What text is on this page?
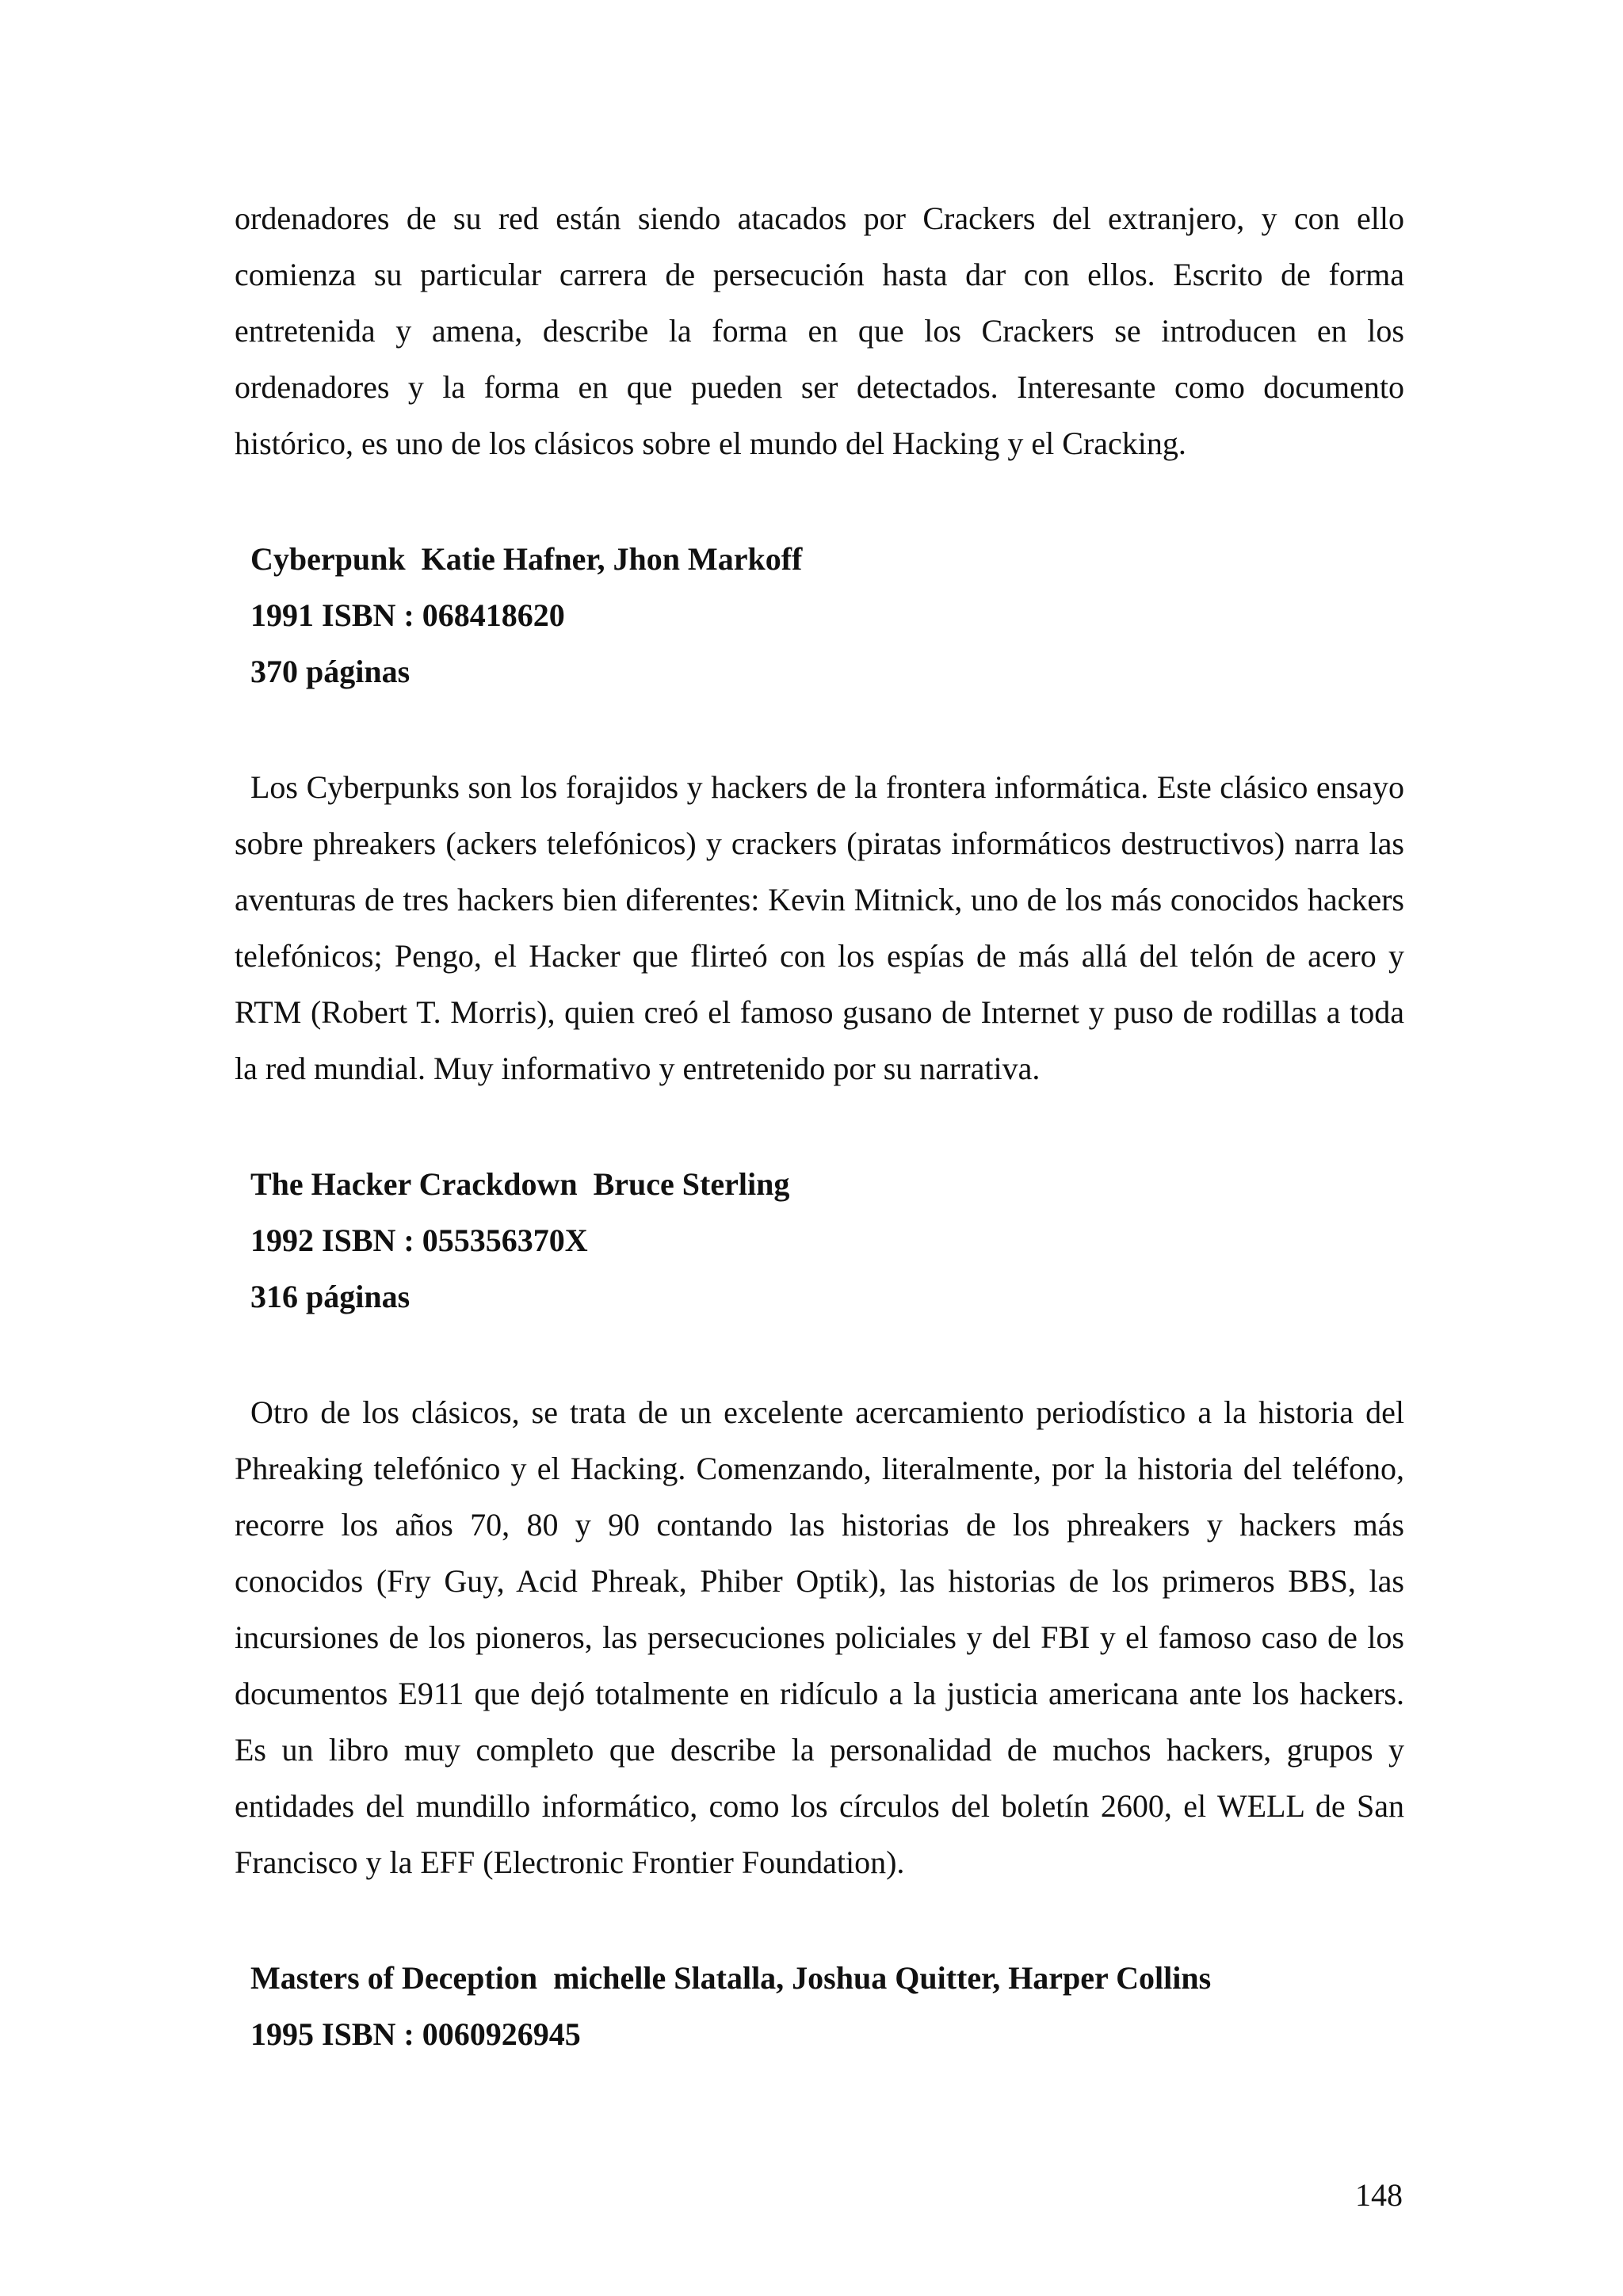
ordenadores de su red están siendo atacados por Crackers del extranjero, y con ello comienza su particular carrera de persecución hasta dar con ellos. Escrito de forma entretenida y amena, describe la forma en que los Crackers se introducen en los ordenadores y la forma en que pueden ser detectados. Interesante como documento histórico, es uno de los clásicos sobre el mundo del Hacking y el Cracking.

Cyberpunk  Katie Hafner, Jhon Markoff

1991 ISBN : 068418620

370 páginas

Los Cyberpunks son los forajidos y hackers de la frontera informática. Este clásico ensayo sobre phreakers (ackers telefónicos) y crackers (piratas informáticos destructivos) narra las aventuras de tres hackers bien diferentes: Kevin Mitnick, uno de los más conocidos hackers telefónicos; Pengo, el Hacker que flirteó con los espías de más allá del telón de acero y RTM (Robert T. Morris), quien creó el famoso gusano de Internet y puso de rodillas a toda la red mundial. Muy informativo y entretenido por su narrativa.

The Hacker Crackdown  Bruce Sterling

1992 ISBN : 055356370X

316 páginas

Otro de los clásicos, se trata de un excelente acercamiento periodístico a la historia del Phreaking telefónico y el Hacking. Comenzando, literalmente, por la historia del teléfono, recorre los años 70, 80 y 90 contando las historias de los phreakers y hackers más conocidos (Fry Guy, Acid Phreak, Phiber Optik), las historias de los primeros BBS, las incursiones de los pioneros, las persecuciones policiales y del FBI y el famoso caso de los documentos E911 que dejó totalmente en ridículo a la justicia americana ante los hackers. Es un libro muy completo que describe la personalidad de muchos hackers, grupos y entidades del mundillo informático, como los círculos del boletín 2600, el WELL de San Francisco y la EFF (Electronic Frontier Foundation).

Masters of Deception  michelle Slatalla, Joshua Quitter, Harper Collins

1995 ISBN : 0060926945

148
